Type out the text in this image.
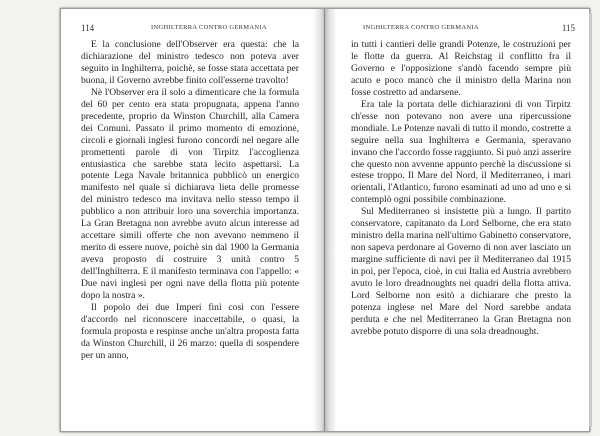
114	INGHILTERRA CONTRO GERMANIA

E la conclusione dell'Observer era questa: che la dichiarazione del ministro tedesco non poteva aver seguito in Inghilterra, poichè, se fosse stata accettata per buona, il Governo avrebbe finito coll'esserne travolto!

Nè l'Observer era il solo a dimenticare che la formula del 60 per cento era stata propugnata, appena l'anno precedente, proprio da Winston Churchill, alla Camera dei Comuni. Passato il primo momento di emozione, circoli e giornali inglesi furono concordi nel negare alle promettenti parole di von Tirpitz l'accoglienza entusiastica che sarebbe stata lecito aspettarsi. La potente Lega Navale britannica pubblicò un energico manifesto nel quale si dichiarava lieta delle promesse del ministro tedesco ma invitava nello stesso tempo il pubblico a non attribuir loro una soverchia importanza. La Gran Bretagna non avrebbe avuto alcun interesse ad accettare simili offerte che non avevano nemmeno il merito di essere nuove, poichè sin dal 1900 la Germania aveva proposto di costruire 3 unità contro 5 dell'Inghilterra. E il manifesto terminava con l'appello: « Due navi inglesi per ogni nave della flotta più potente dopo la nostra ».

Il popolo dei due Imperi finì così con l'essere d'accordo nel riconoscere inaccettabile, o quasi, la formula proposta e respinse anche un'altra proposta fatta da Winston Churchill, il 26 marzo: quella di sospendere per un anno,

INGHILTERRA CONTRO GERMANIA	115

in tutti i cantieri delle grandi Potenze, le costruzioni per le flotte da guerra. Al Reichstag il conflitto fra il Governo e l'opposizione s'andò facendo sempre più acuto e poco mancò che il ministro della Marina non fosse costretto ad andarsene.

Era tale la portata delle dichiarazioni di von Tirpitz ch'esse non potevano non avere una ripercussione mondiale. Le Potenze navali di tutto il mondo, costrette a seguire nella sua Inghilterra e Germania, speravano invano che l'accordo fosse raggiunto. Si può anzi asserire che questo non avvenne appunto perchè la discussione si estese troppo. Il Mare del Nord, il Mediterraneo, i mari orientali, l'Atlantico, furono esaminati ad uno ad uno e si contemplò ogni possibile combinazione.

Sul Mediterraneo si insistette più a lungo. Il partito conservatore, capitanato da Lord Selborne, che era stato ministro della marina nell'ultimo Gabinetto conservatore, non sapeva perdonare al Governo di non aver lasciato un margine sufficiente di navi per il Mediterraneo dal 1915 in poi, per l'epoca, cioè, in cui Italia ed Austria avrebbero avuto le loro dreadnoughts nei quadri della flotta attiva. Lord Selborne non esitò a dichiarare che presto la potenza inglese nel Mare del Nord sarebbe andata perduta e che nel Mediterraneo la Gran Bretagna non avrebbe potuto disporre di una sola dreadnought.
